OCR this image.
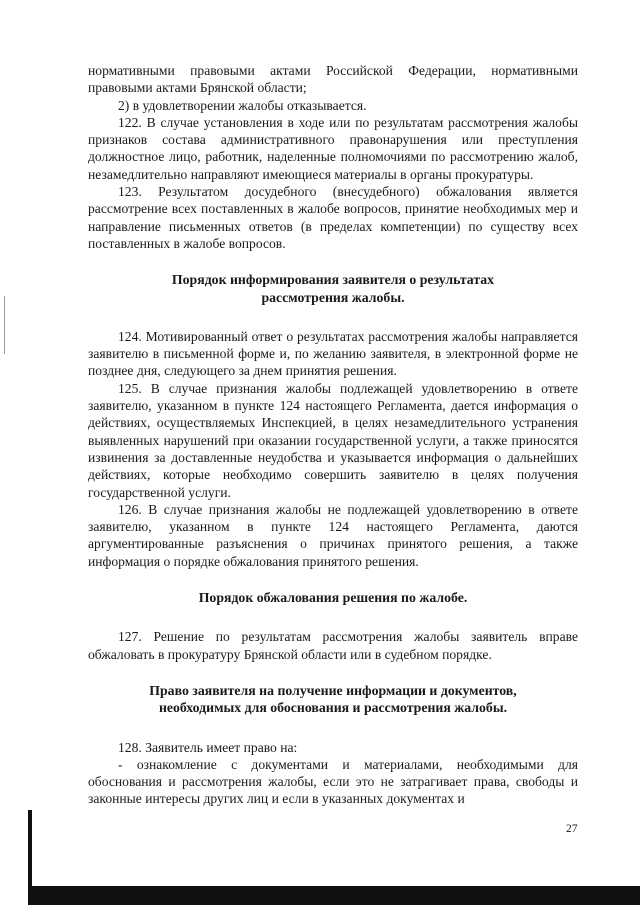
нормативными правовыми актами Российской Федерации, нормативными правовыми актами Брянской области;

2) в удовлетворении жалобы отказывается.

122. В случае установления в ходе или по результатам рассмотрения жалобы признаков состава административного правонарушения или преступления должностное лицо, работник, наделенные полномочиями по рассмотрению жалоб, незамедлительно направляют имеющиеся материалы в органы прокуратуры.

123. Результатом досудебного (внесудебного) обжалования является рассмотрение всех поставленных в жалобе вопросов, принятие необходимых мер и направление письменных ответов (в пределах компетенции) по существу всех поставленных в жалобе вопросов.

Порядок информирования заявителя о результатах

рассмотрения жалобы.

124. Мотивированный ответ о результатах рассмотрения жалобы направляется заявителю в письменной форме и, по желанию заявителя, в электронной форме не позднее дня, следующего за днем принятия решения.

125. В случае признания жалобы подлежащей удовлетворению в ответе заявителю, указанном в пункте 124 настоящего Регламента, дается информация о действиях, осуществляемых Инспекцией, в целях незамедлительного устранения выявленных нарушений при оказании государственной услуги, а также приносятся извинения за доставленные неудобства и указывается информация о дальнейших действиях, которые необходимо совершить заявителю в целях получения государственной услуги.

126. В случае признания жалобы не подлежащей удовлетворению в ответе заявителю, указанном в пункте 124 настоящего Регламента, даются аргументированные разъяснения о причинах принятого решения, а также информация о порядке обжалования принятого решения.

Порядок обжалования решения по жалобе.

127. Решение по результатам рассмотрения жалобы заявитель вправе обжаловать в прокуратуру Брянской области или в судебном порядке.

Право заявителя на получение информации и документов,

необходимых для обоснования и рассмотрения жалобы.

128. Заявитель имеет право на:

- ознакомление с документами и материалами, необходимыми для обоснования и рассмотрения жалобы, если это не затрагивает права, свободы и законные интересы других лиц и если в указанных документах и

27
